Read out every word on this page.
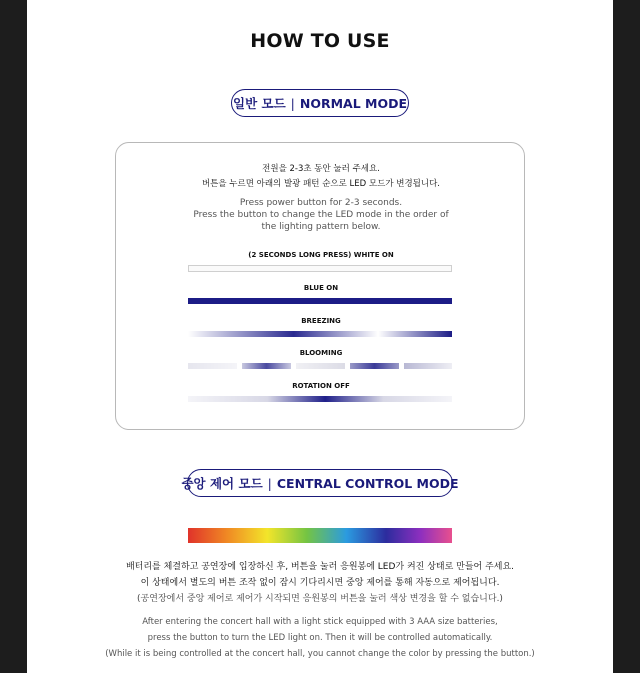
HOW TO USE
일반 모드 | NORMAL MODE
전원을 2-3초 동안 눌러 주세요.
버튼을 누르면 아래의 발광 패턴 순으로 LED 모드가 변경됩니다.
Press power button for 2-3 seconds.
Press the button to change the LED mode in the order of
the lighting pattern below.
(2 SECONDS LONG PRESS) WHITE ON
BLUE ON
BREEZING
BLOOMING
ROTATION OFF
중앙 제어 모드 | CENTRAL CONTROL MODE
배터리를 체결하고 공연장에 입장하신 후, 버튼을 눌러 응원봉에 LED가 켜진 상태로 만들어 주세요.
이 상태에서 별도의 버튼 조작 없이 잠시 기다리시면 중앙 제어를 통해 자동으로 제어됩니다.
(공연장에서 중앙 제어로 제어가 시작되면 응원봉의 버튼을 눌러 색상 변경을 할 수 없습니다.)
After entering the concert hall with a light stick equipped with 3 AAA size batteries,
press the button to turn the LED light on. Then it will be controlled automatically.
(While it is being controlled at the concert hall, you cannot change the color by pressing the button.)
